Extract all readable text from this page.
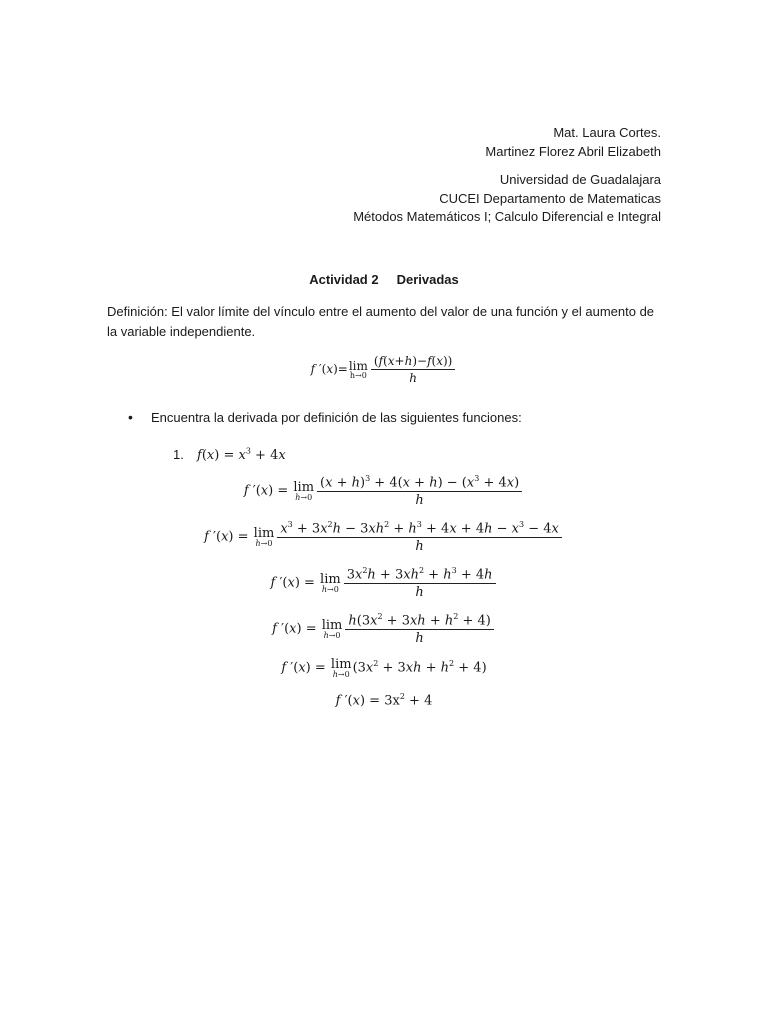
Mat. Laura Cortes.
Martinez Florez Abril Elizabeth
Universidad de Guadalajara
CUCEI Departamento de Matematicas
Métodos Matemáticos I; Calculo Diferencial e Integral
Actividad 2 Derivadas
Definición: El valor límite del vínculo entre el aumento del valor de una función y el aumento de la variable independiente.
f ′(x)= lim
$h\to 0 \frac{(f(x+h)-f(x))}{h}$
• Encuentra la derivada por definición de las siguientes funciones:
1. $f(x) = x^3 + 4x$
f ′(x) = lim
$h\to 0 \frac{(x + h)^3 + 4(x + h) - (x^3 + 4x)}{h}$
f ′(x) = lim
$h\to 0 \frac{x^3 + 3x^2h - 3xh^2 + h^3 + 4x + 4h - x^3 - 4x}{h}$
f ′(x) = lim
$h\to 0 \frac{3x^2h + 3xh^2 + h^3 + 4h}{h}$
f ′(x) = lim
$h\to 0 \frac{h(3x^2 + 3xh + h^2 + 4)}{h}$
f ′(x) = lim
h→0 $(3x^2 + 3xh + h^2 + 4)$
f $'(x) = 3x^2 + 4$
